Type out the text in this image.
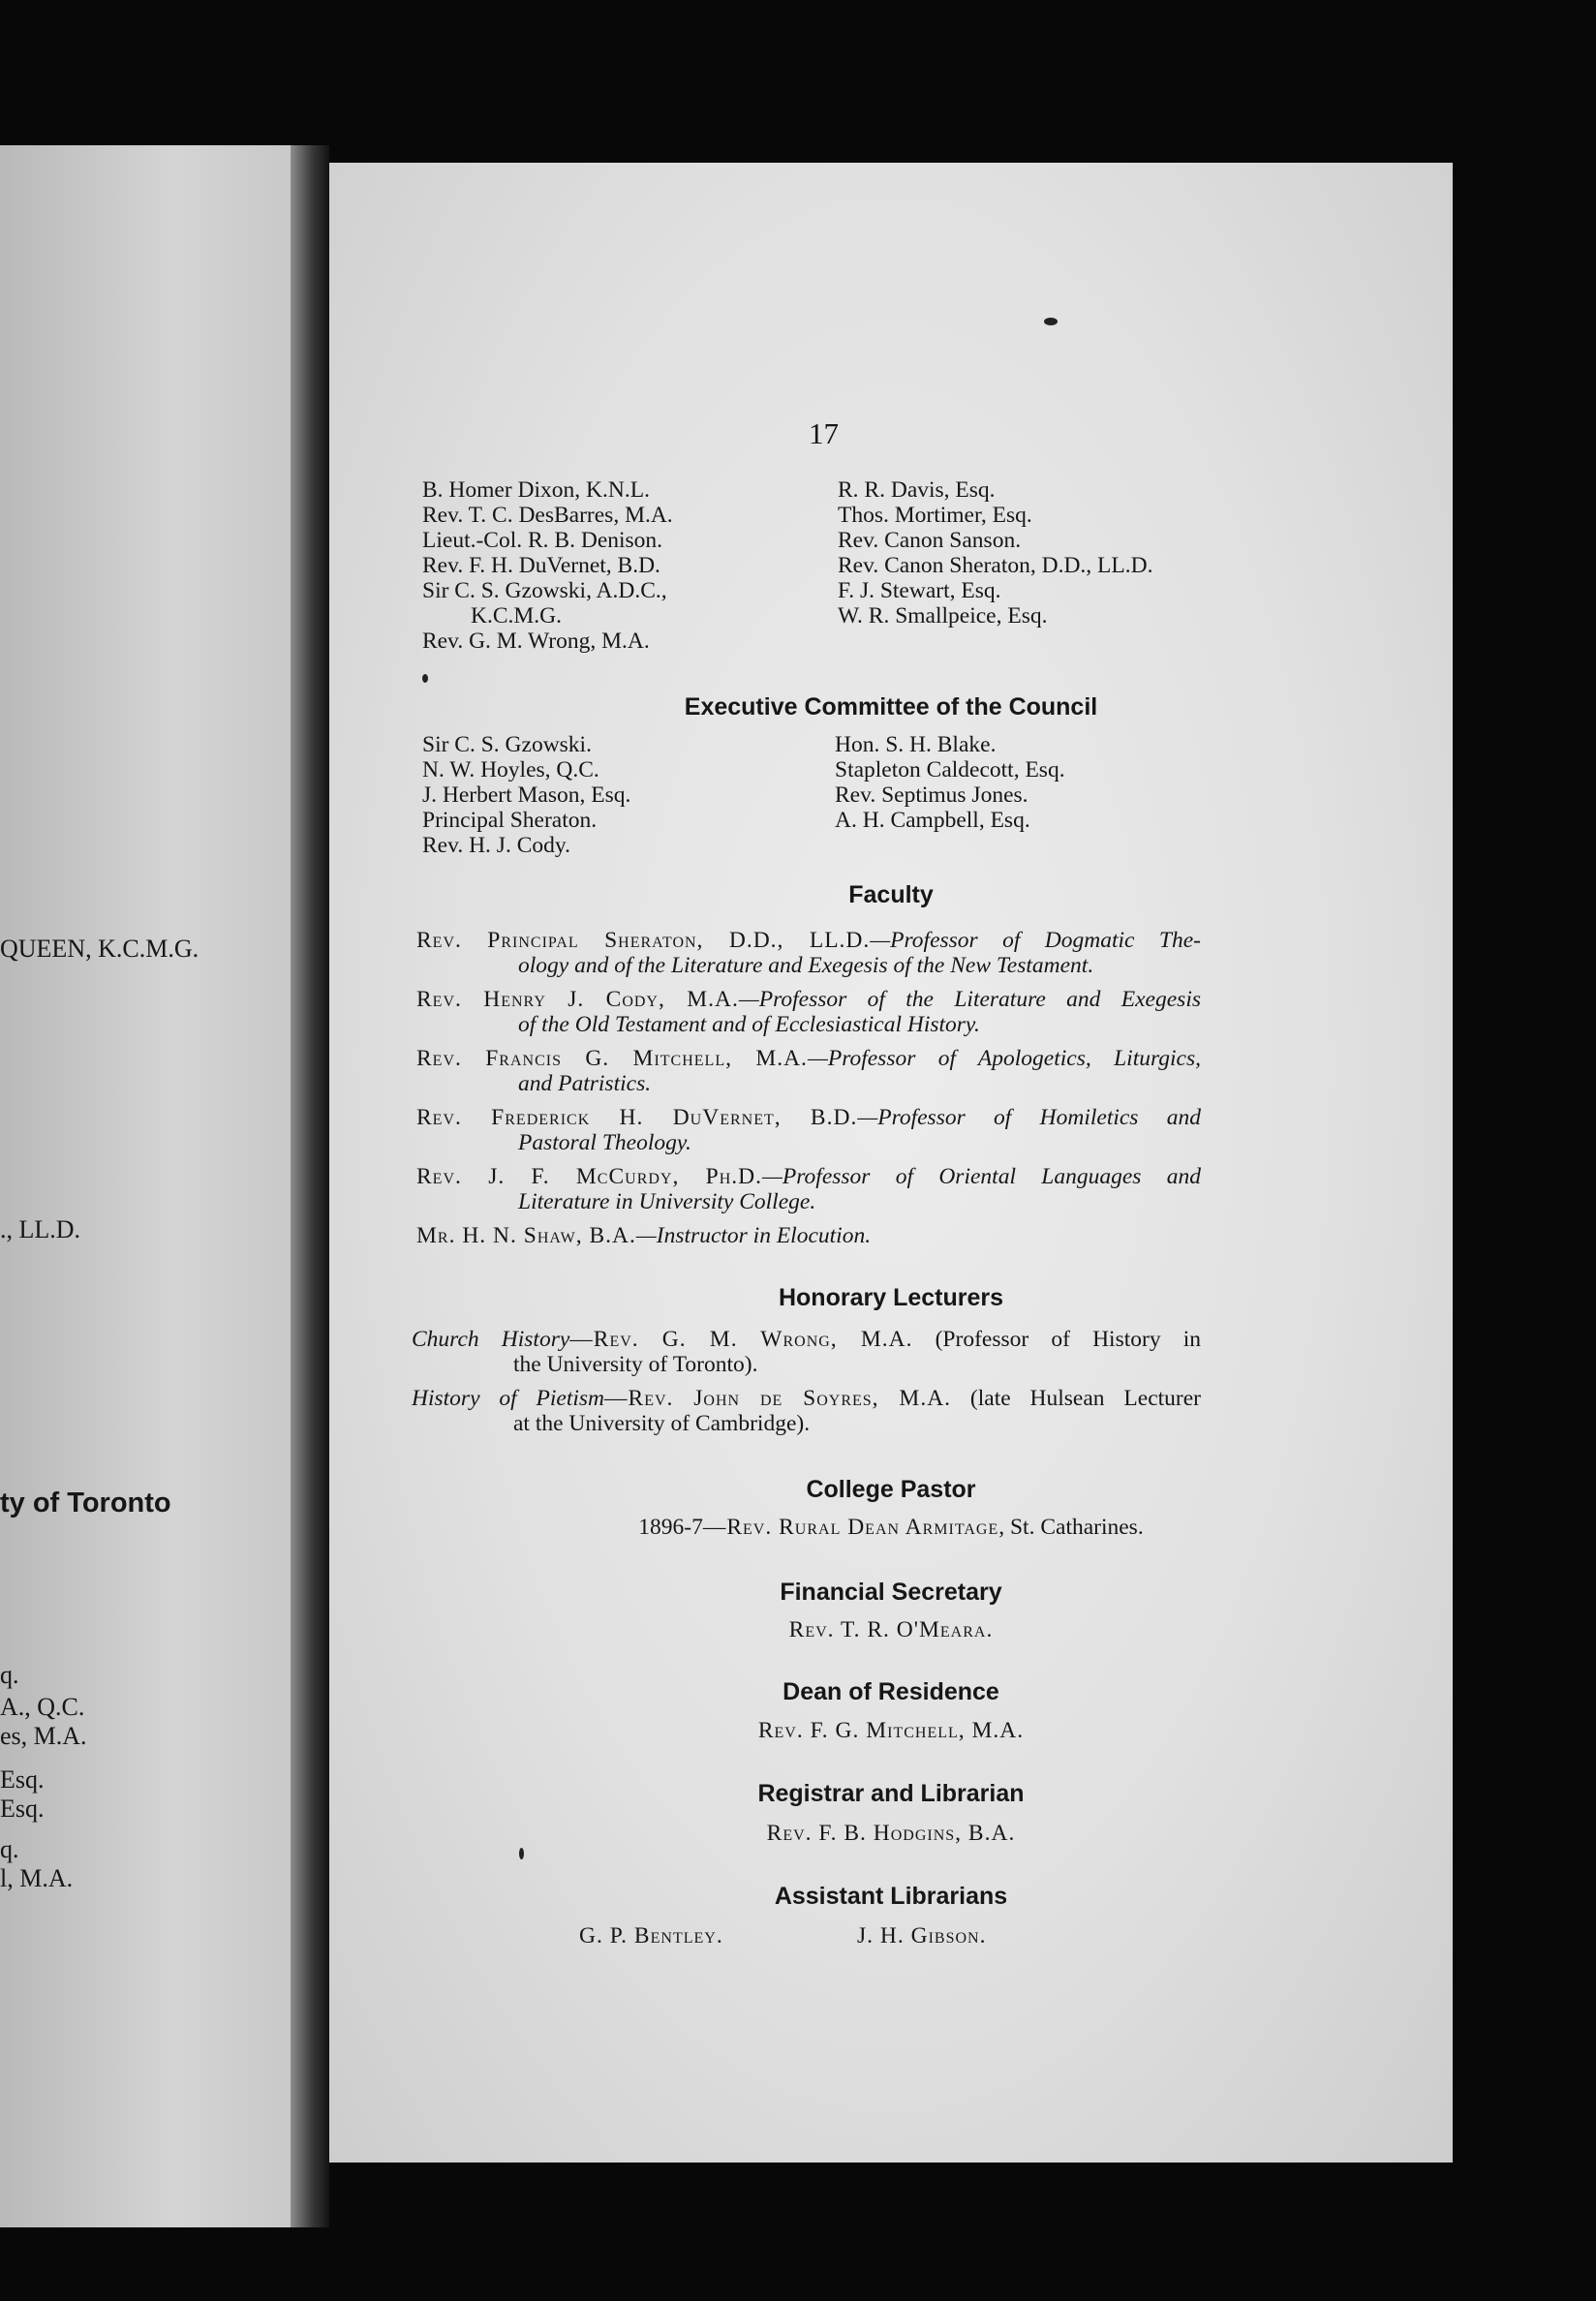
QUEEN, K.C.M.G.
., LL.D.
ty of Toronto
q.
A., Q.C.
es, M.A.
Esq.
Esq.
q.
l, M.A.
17
B. Homer Dixon, K.N.L.
Rev. T. C. DesBarres, M.A.
Lieut.-Col. R. B. Denison.
Rev. F. H. DuVernet, B.D.
Sir C. S. Gzowski, A.D.C.,
K.C.M.G.
Rev. G. M. Wrong, M.A.
R. R. Davis, Esq.
Thos. Mortimer, Esq.
Rev. Canon Sanson.
Rev. Canon Sheraton, D.D., LL.D.
F. J. Stewart, Esq.
W. R. Smallpeice, Esq.
Executive Committee of the Council
Sir C. S. Gzowski.
N. W. Hoyles, Q.C.
J. Herbert Mason, Esq.
Principal Sheraton.
Rev. H. J. Cody.
Hon. S. H. Blake.
Stapleton Caldecott, Esq.
Rev. Septimus Jones.
A. H. Campbell, Esq.
Faculty
Rev. Principal Sheraton, D.D., LL.D.—Professor of Dogmatic The-
ology and of the Literature and Exegesis of the New Testament.
Rev. Henry J. Cody, M.A.—Professor of the Literature and Exegesis
of the Old Testament and of Ecclesiastical History.
Rev. Francis G. Mitchell, M.A.—Professor of Apologetics, Liturgics,
and Patristics.
Rev. Frederick H. DuVernet, B.D.—Professor of Homiletics and
Pastoral Theology.
Rev. J. F. McCurdy, Ph.D.—Professor of Oriental Languages and
Literature in University College.
Mr. H. N. Shaw, B.A.—Instructor in Elocution.
Honorary Lecturers
Church History—Rev. G. M. Wrong, M.A. (Professor of History in
the University of Toronto).
History of Pietism—Rev. John de Soyres, M.A. (late Hulsean Lecturer
at the University of Cambridge).
College Pastor
1896-7—Rev. Rural Dean Armitage, St. Catharines.
Financial Secretary
Rev. T. R. O'Meara.
Dean of Residence
Rev. F. G. Mitchell, M.A.
Registrar and Librarian
Rev. F. B. Hodgins, B.A.
Assistant Librarians
G. P. Bentley.	J. H. Gibson.
